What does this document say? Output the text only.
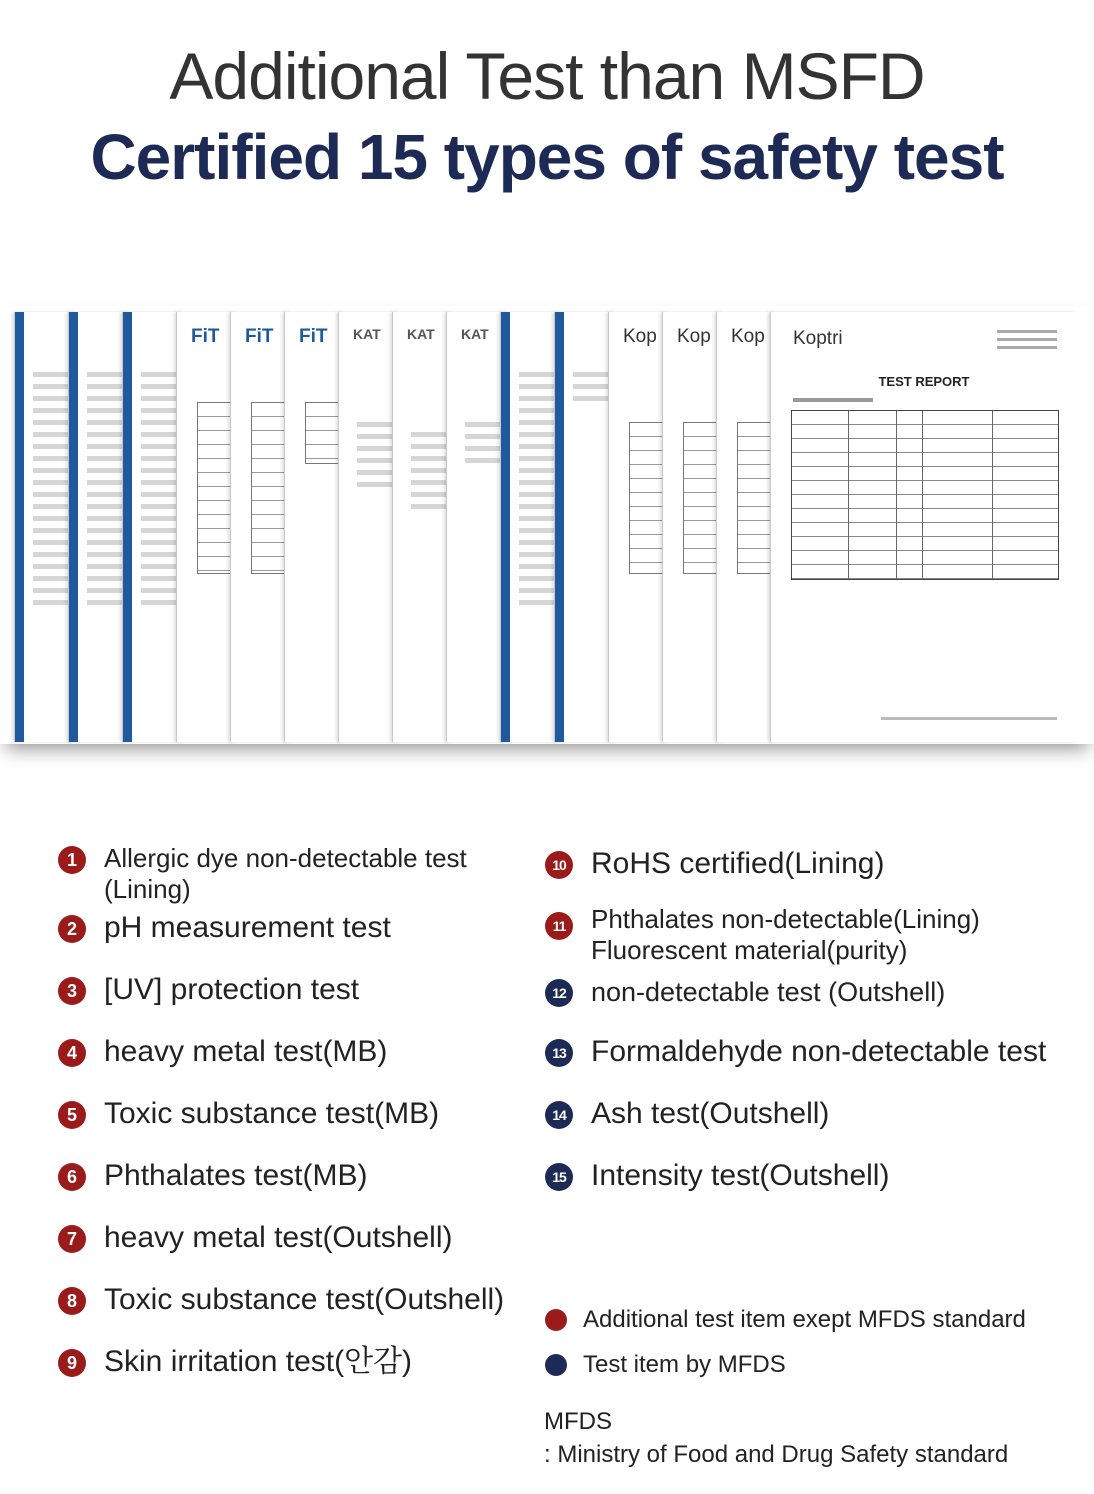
Additional Test than MSFD
Certified 15 types of safety test
FiT FiT FiT KAT KAT KAT	Kop Kop Kop Koptri
TEST REPORT
1	Allergic dye non-detectable test (Lining)
2 pH measurement test
3 [UV] protection test
4 heavy metal test(MB)
5 Toxic substance test(MB)
6 Phthalates test(MB)
7 heavy metal test(Outshell)
8 Toxic substance test(Outshell)
9 Skin irritation test(안감)
10 RoHS certified(Lining)
11 Phthalates non-detectable(Lining) Fluorescent material(purity)
12 non-detectable test (Outshell)
13 Formaldehyde non-detectable test
14 Ash test(Outshell)
15 Intensity test(Outshell)
Additional test item exept MFDS standard
Test item by MFDS
MFDS
: Ministry of Food and Drug Safety standard
